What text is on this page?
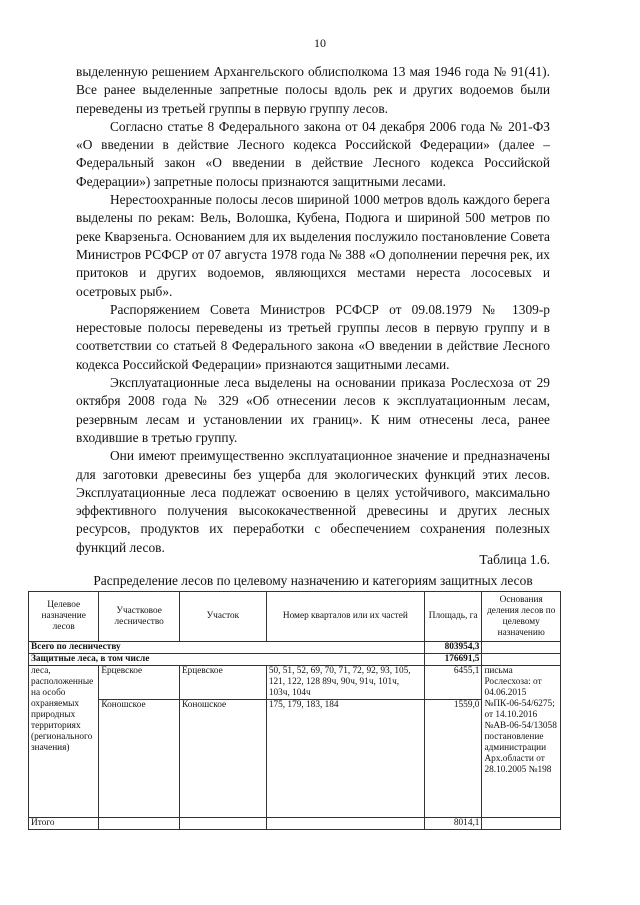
10

выделенную решением Архангельского облисполкома 13 мая 1946 года № 91(41). Все ранее выделенные запретные полосы вдоль рек и других водоемов были переведены из третьей группы в первую группу лесов.

Согласно статье 8 Федерального закона от 04 декабря 2006 года № 201-ФЗ «О введении в действие Лесного кодекса Российской Федерации» (далее – Федеральный закон «О введении в действие Лесного кодекса Российской Федерации») запретные полосы признаются защитными лесами.

Нерестоохранные полосы лесов шириной 1000 метров вдоль каждого берега выделены по рекам: Вель, Волошка, Кубена, Подюга и шириной 500 метров по реке Кварзеньга. Основанием для их выделения послужило постановление Совета Министров РСФСР от 07 августа 1978 года № 388 «О дополнении перечня рек, их притоков и других водоемов, являющихся местами нереста лососевых и осетровых рыб».

Распоряжением Совета Министров РСФСР от 09.08.1979 № 1309-р нерестовые полосы переведены из третьей группы лесов в первую группу и в соответствии со статьей 8 Федерального закона «О введении в действие Лесного кодекса Российской Федерации» признаются защитными лесами.

Эксплуатационные леса выделены на основании приказа Рослесхоза от 29 октября 2008 года № 329 «Об отнесении лесов к эксплуатационным лесам, резервным лесам и установлении их границ». К ним отнесены леса, ранее входившие в третью группу.

Они имеют преимущественно эксплуатационное значение и предназначены для заготовки древесины без ущерба для экологических функций этих лесов. Эксплуатационные леса подлежат освоению в целях устойчивого, максимально эффективного получения высококачественной древесины и других лесных ресурсов, продуктов их переработки с обеспечением сохранения полезных функций лесов.

Таблица 1.6.
Распределение лесов по целевому назначению и категориям защитных лесов
Целевое назначение лесов	Участковое лесничество	Участок	Номер кварталов или их частей	Площадь, га	Основания деления лесов по целевому назначению
Всего по лесничеству				803954,3	
Защитные леса, в том числе				176691,5	
леса, расположенные на особо охраняемых природных территориях (регионального значения)	Ерцевское	Ерцевское	50, 51, 52, 69, 70, 71, 72, 92, 93, 105, 121, 122, 128 89ч, 90ч, 91ч, 101ч, 103ч, 104ч	6455,1	письма Рослесхоза: от 04.06.2015 №ПК-06-54/6275; от 14.10.2016 №АВ-06-54/13058 постановление администрации Арх.области от 28.10.2005 №198
	Коношское	Коношское	175, 179, 183, 184	1559,0	
Итого				8014,1	
